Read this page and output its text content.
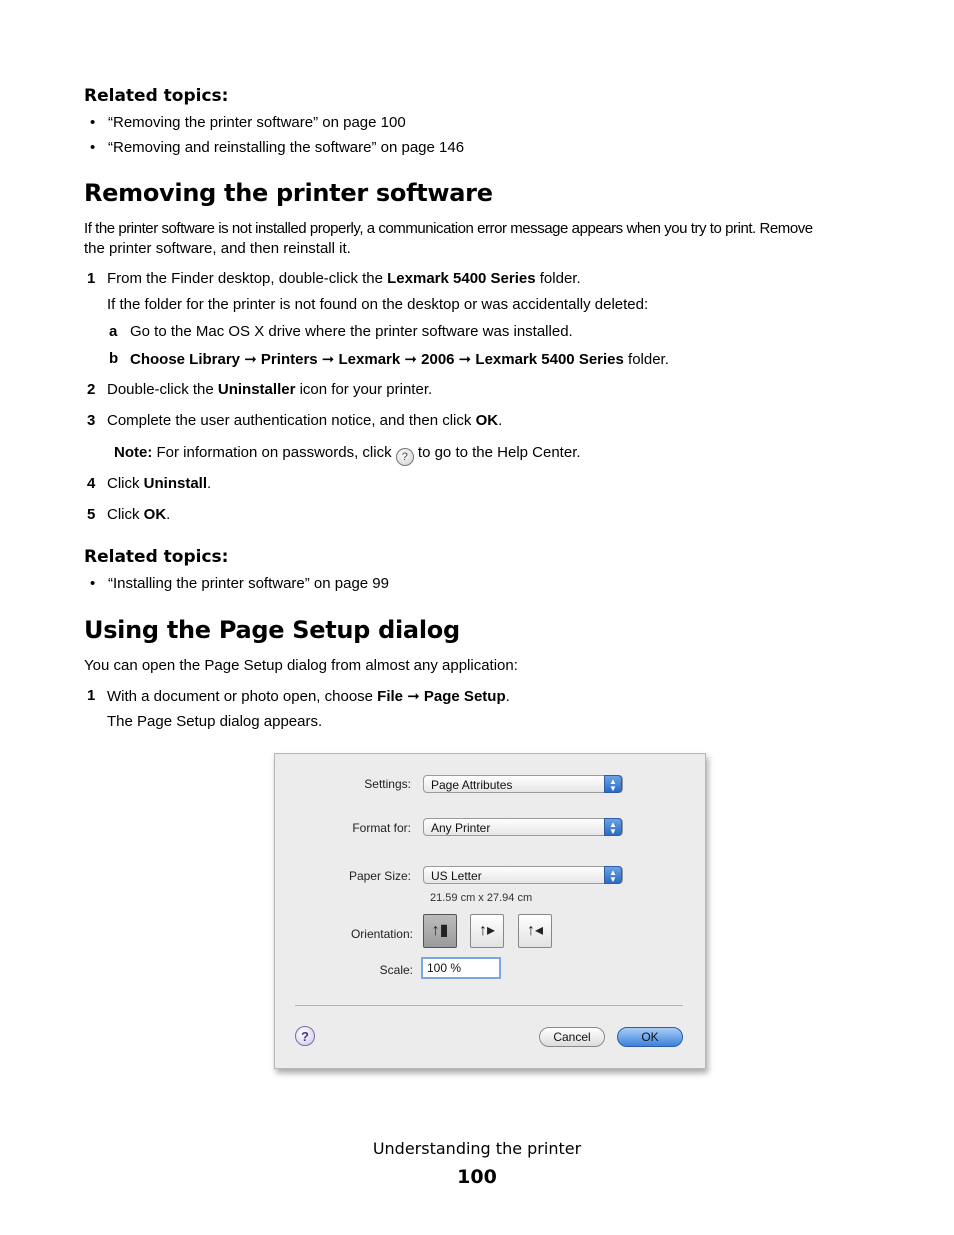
Related topics:
• “Removing the printer software” on page 100
• “Removing and reinstalling the software” on page 146
Removing the printer software
If the printer software is not installed properly, a communication error message appears when you try to print. Remove
the printer software, and then reinstall it.
1 From the Finder desktop, double-click the Lexmark 5400 Series folder.
If the folder for the printer is not found on the desktop or was accidentally deleted:
a Go to the Mac OS X drive where the printer software was installed.
b Choose Library ➞ Printers ➞ Lexmark ➞ 2006 ➞ Lexmark 5400 Series folder.
2 Double-click the Uninstaller icon for your printer.
3 Complete the user authentication notice, and then click OK.
Note: For information on passwords, click ? to go to the Help Center.
4 Click Uninstall.
5 Click OK.
Related topics:
• “Installing the printer software” on page 99
Using the Page Setup dialog
You can open the Page Setup dialog from almost any application:
1 With a document or photo open, choose File ➞ Page Setup.
The Page Setup dialog appears.
Settings:	Page Attributes	▲
▼
Format for:	Any Printer	▲
▼
Paper Size:	US Letter	▲
▼
21.59 cm x 27.94 cm
Orientation:	↑▮	↑▸	↑◂
Scale:	100 %
?	Cancel	OK
Understanding the printer
100
